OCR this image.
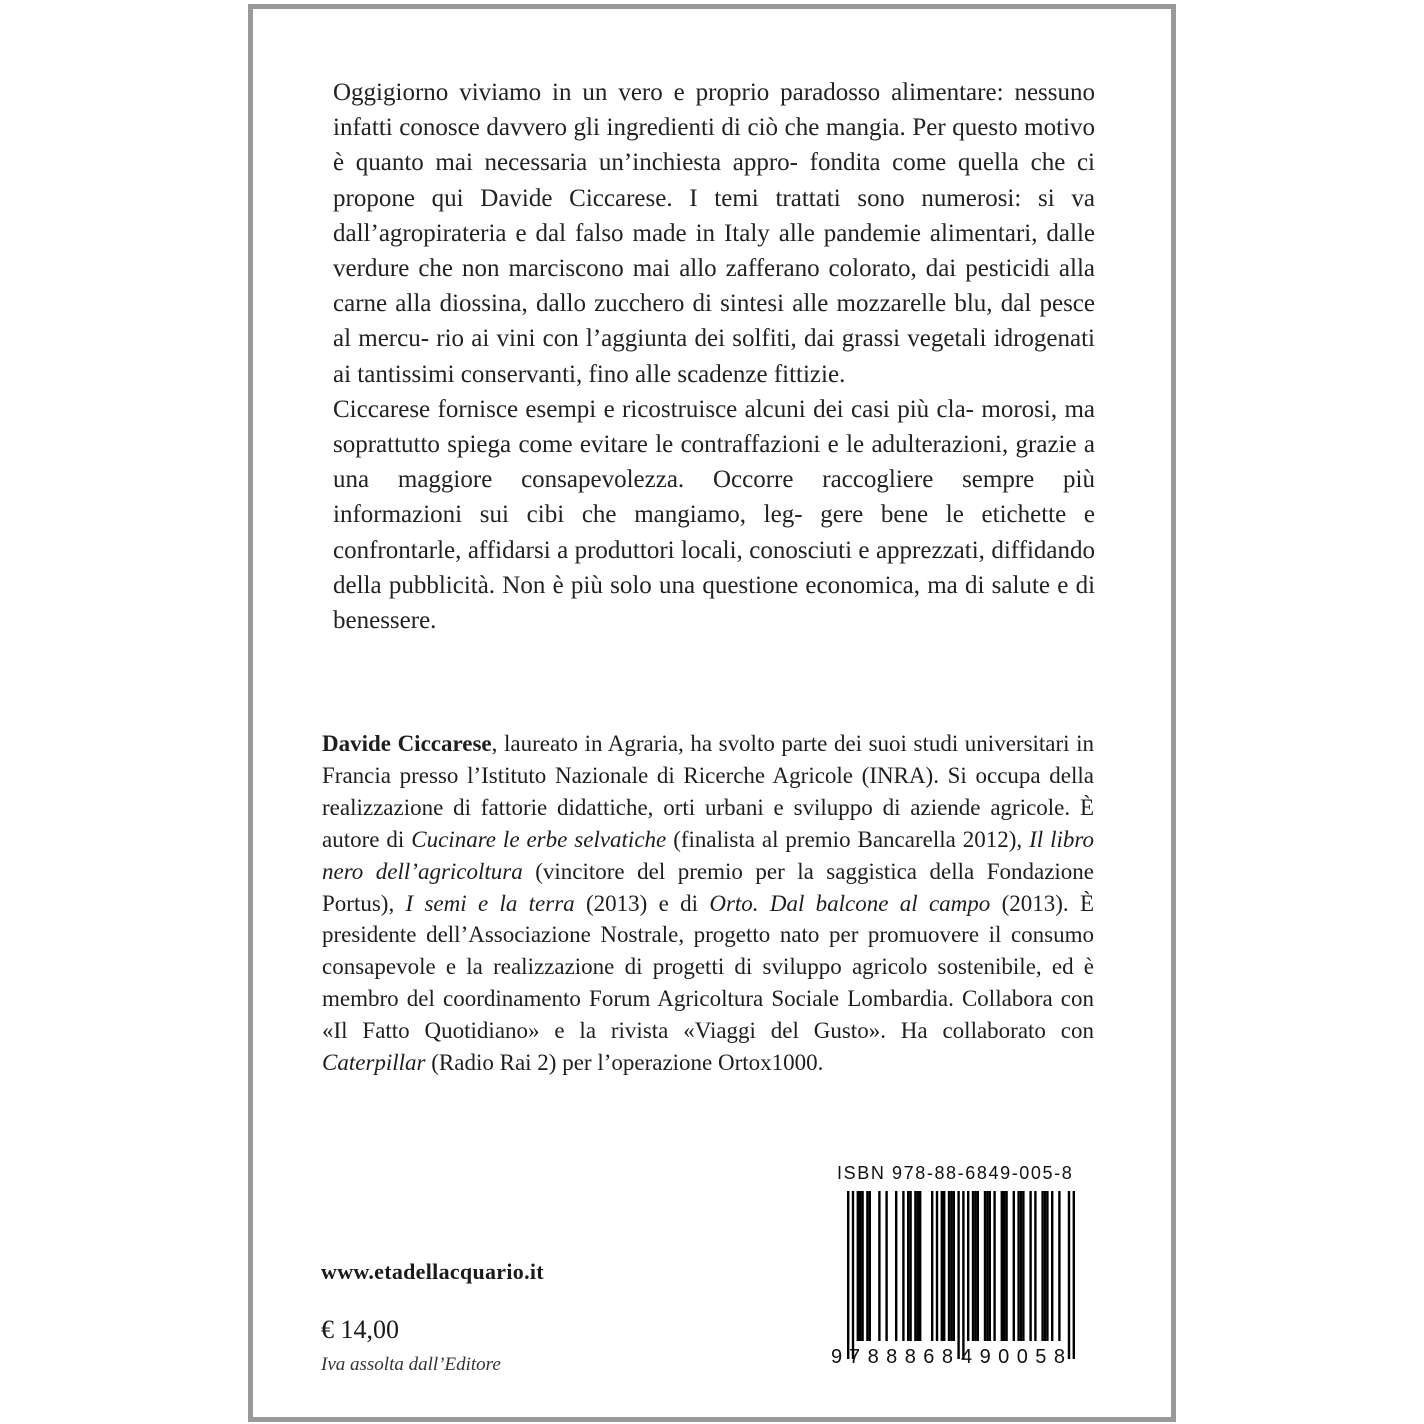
Oggigiorno viviamo in un vero e proprio paradosso alimentare: nessuno infatti conosce davvero gli ingredienti di ciò che mangia. Per questo motivo è quanto mai necessaria un’inchiesta appro- fondita come quella che ci propone qui Davide Ciccarese. I temi trattati sono numerosi: si va dall’agropirateria e dal falso made in Italy alle pandemie alimentari, dalle verdure che non marciscono mai allo zafferano colorato, dai pesticidi alla carne alla diossina, dallo zucchero di sintesi alle mozzarelle blu, dal pesce al mercu- rio ai vini con l’aggiunta dei solfiti, dai grassi vegetali idrogenati ai tantissimi conservanti, fino alle scadenze fittizie.

Ciccarese fornisce esempi e ricostruisce alcuni dei casi più cla- morosi, ma soprattutto spiega come evitare le contraffazioni e le adulterazioni, grazie a una maggiore consapevolezza. Occorre raccogliere sempre più informazioni sui cibi che mangiamo, leg- gere bene le etichette e confrontarle, affidarsi a produttori locali, conosciuti e apprezzati, diffidando della pubblicità. Non è più solo una questione economica, ma di salute e di benessere.

Davide Ciccarese, laureato in Agraria, ha svolto parte dei suoi studi universitari in Francia presso l’Istituto Nazionale di Ricerche Agricole (INRA). Si occupa della realizzazione di fattorie didattiche, orti urbani e sviluppo di aziende agricole. È autore di Cucinare le erbe selvatiche (finalista al premio Bancarella 2012), Il libro nero dell’agricoltura (vincitore del premio per la saggistica della Fondazione Portus), I semi e la terra (2013) e di Orto. Dal balcone al campo (2013). È presidente dell’Associazione Nostrale, progetto nato per promuovere il consumo consapevole e la realizzazione di progetti di sviluppo agricolo sostenibile, ed è membro del coordinamento Forum Agricoltura Sociale Lombardia. Collabora con «Il Fatto Quotidiano» e la rivista «Viaggi del Gusto». Ha collaborato con Caterpillar (Radio Rai 2) per l’operazione Ortox1000.

ISBN 978-88-6849-005-8
9 788868 490058
www.etadellacquario.it
€ 14,00
Iva assolta dall’Editore
